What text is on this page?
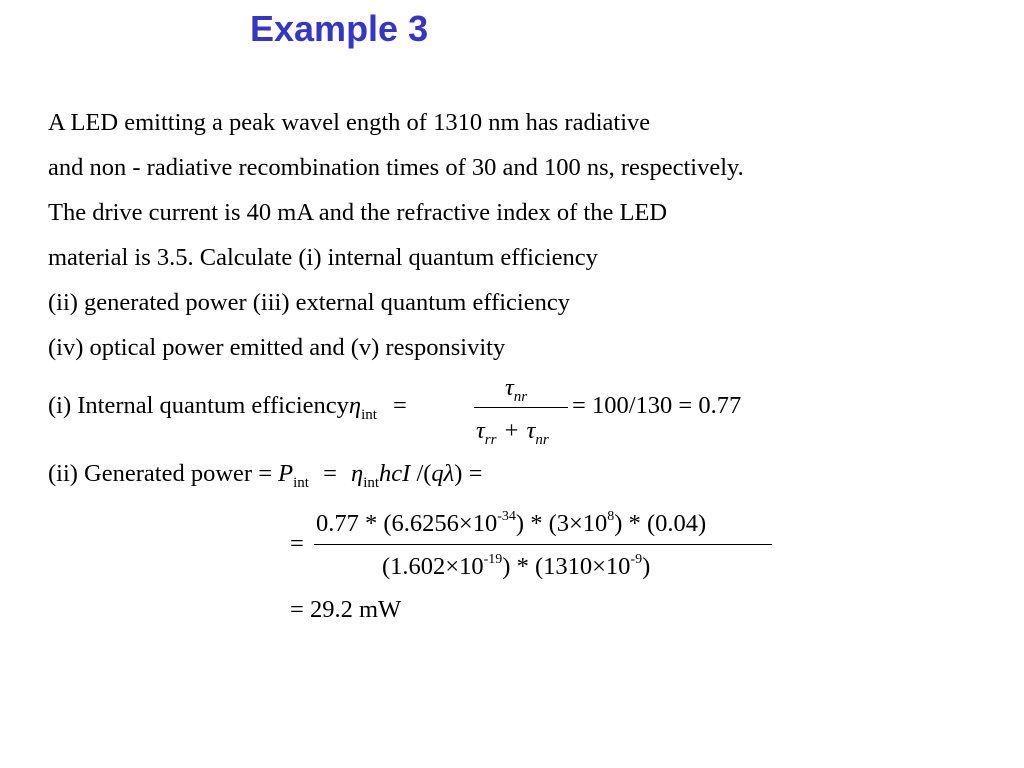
Example 3
A LED emitting a peak wavel ength of 1310 nm has radiative
and non - radiative recombination times of 30 and 100 ns, respectively.
The drive current is 40 mA and the refractive index of the LED
material is 3.5. Calculate (i) internal quantum efficiency
(ii) generated power (iii) external quantum efficiency
(iv) optical power emitted and (v) responsivity
(i) Internal quantum efficiencyη$_{int}$ =
$\tau_{nr}$
$\tau_{rr} + \tau_{nr}$
= 100/130 = 0.77
(ii) Generated power = $P_{int} = \eta_{int}hcI$ /(qλ) =
=
$0.77 * (6.6256\times 10^{-34}) * (3\times 10^8) * (0.04)$
$(1.602\times 10^{-19}) * (1310\times 10^{-9})$
= 29.2 mW
